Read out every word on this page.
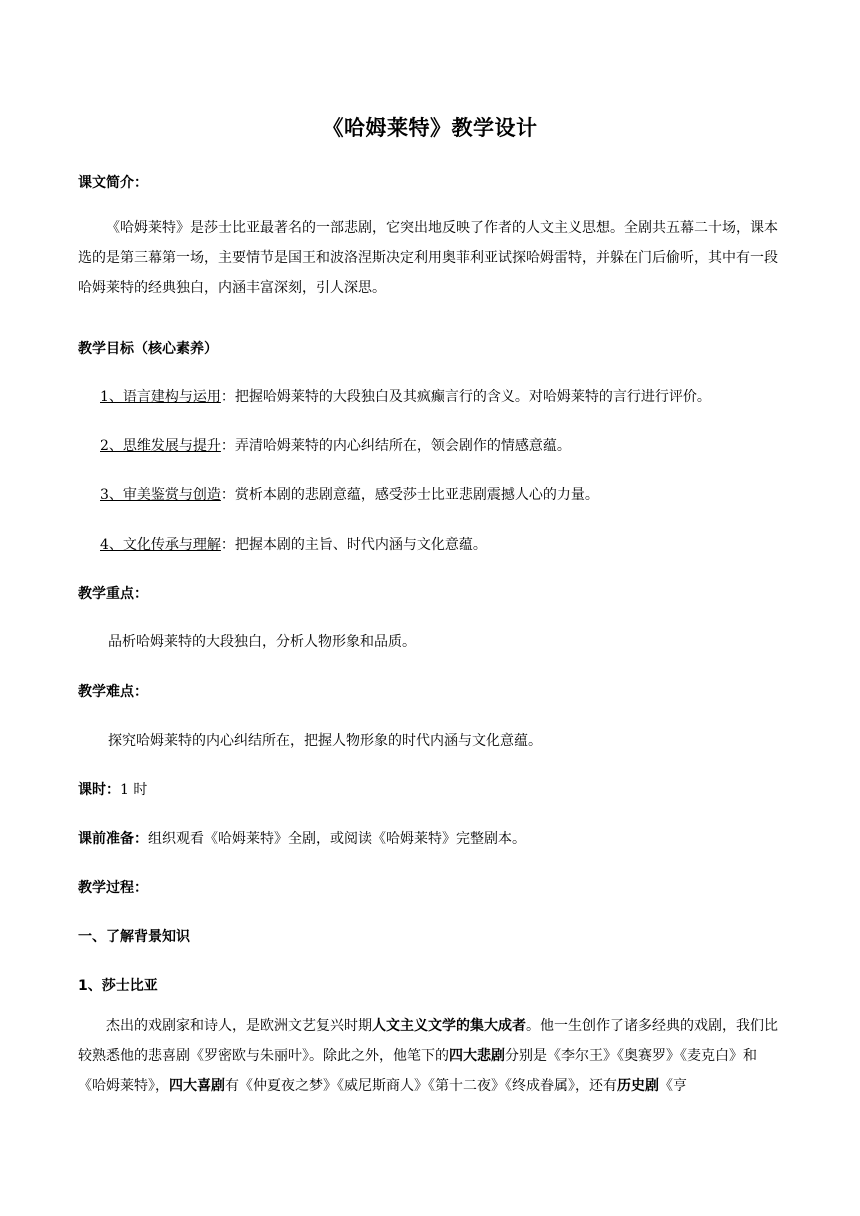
《哈姆莱特》教学设计
课文简介：
《哈姆莱特》是莎士比亚最著名的一部悲剧，它突出地反映了作者的人文主义思想。全剧共五幕二十场，课本选的是第三幕第一场，主要情节是国王和波洛涅斯决定利用奥菲利亚试探哈姆雷特，并躲在门后偷听，其中有一段哈姆莱特的经典独白，内涵丰富深刻，引人深思。
教学目标（核心素养）
1、语言建构与运用：把握哈姆莱特的大段独白及其疯癫言行的含义。对哈姆莱特的言行进行评价。
2、思维发展与提升：弄清哈姆莱特的内心纠结所在，领会剧作的情感意蕴。
3、审美鉴赏与创造：赏析本剧的悲剧意蕴，感受莎士比亚悲剧震撼人心的力量。
4、文化传承与理解：把握本剧的主旨、时代内涵与文化意蕴。
教学重点：
品析哈姆莱特的大段独白，分析人物形象和品质。
教学难点：
探究哈姆莱特的内心纠结所在，把握人物形象的时代内涵与文化意蕴。
课时：1 时
课前准备：组织观看《哈姆莱特》全剧，或阅读《哈姆莱特》完整剧本。
教学过程：
一、了解背景知识
1、莎士比亚
杰出的戏剧家和诗人，是欧洲文艺复兴时期人文主义文学的集大成者。他一生创作了诸多经典的戏剧，我们比较熟悉他的悲喜剧《罗密欧与朱丽叶》。除此之外，他笔下的四大悲剧分别是《李尔王》《奥赛罗》《麦克白》和《哈姆莱特》，四大喜剧有《仲夏夜之梦》《威尼斯商人》《第十二夜》《终成眷属》，还有历史剧《亨
